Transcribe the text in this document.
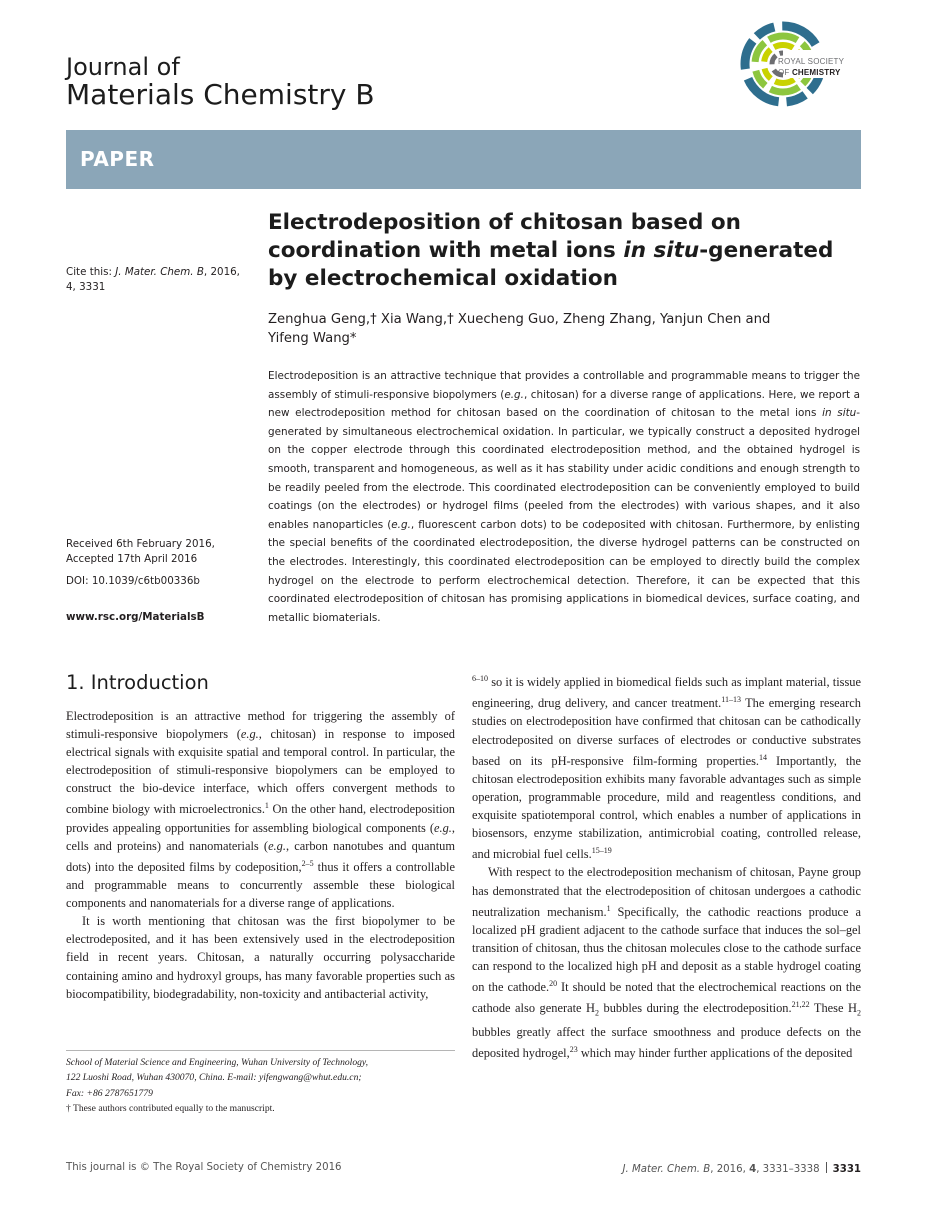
Journal of
Materials Chemistry B
ROYAL SOCIETY
OF CHEMISTRY
PAPER
Cite this: J. Mater. Chem. B, 2016,
4, 3331
Received 6th February 2016,
Accepted 17th April 2016
DOI: 10.1039/c6tb00336b
www.rsc.org/MaterialsB
Electrodeposition of chitosan based on coordination with metal ions in situ-generated by electrochemical oxidation
Zenghua Geng,† Xia Wang,† Xuecheng Guo, Zheng Zhang, Yanjun Chen and
Yifeng Wang*
Electrodeposition is an attractive technique that provides a controllable and programmable means to trigger the assembly of stimuli-responsive biopolymers (e.g., chitosan) for a diverse range of applications. Here, we report a new electrodeposition method for chitosan based on the coordination of chitosan to the metal ions in situ-generated by simultaneous electrochemical oxidation. In particular, we typically construct a deposited hydrogel on the copper electrode through this coordinated electrodeposition method, and the obtained hydrogel is smooth, transparent and homogeneous, as well as it has stability under acidic conditions and enough strength to be readily peeled from the electrode. This coordinated electrodeposition can be conveniently employed to build coatings (on the electrodes) or hydrogel films (peeled from the electrodes) with various shapes, and it also enables nanoparticles (e.g., fluorescent carbon dots) to be codeposited with chitosan. Furthermore, by enlisting the special benefits of the coordinated electrodeposition, the diverse hydrogel patterns can be constructed on the electrodes. Interestingly, this coordinated electrodeposition can be employed to directly build the complex hydrogel on the electrode to perform electrochemical detection. Therefore, it can be expected that this coordinated electrodeposition of chitosan has promising applications in biomedical devices, surface coating, and metallic biomaterials.
1. Introduction

Electrodeposition is an attractive method for triggering the assembly of stimuli-responsive biopolymers (e.g., chitosan) in response to imposed electrical signals with exquisite spatial and temporal control. In particular, the electrodeposition of stimuli-responsive biopolymers can be employed to construct the bio-device interface, which offers convergent methods to combine biology with microelectronics.$^1$ On the other hand, electrodeposition provides appealing opportunities for assembling biological components (e.g., cells and proteins) and nanomaterials (e.g., carbon nanotubes and quantum dots) into the deposited films by codeposition,$^{2-5}$ thus it offers a controllable and programmable means to concurrently assemble these biological components and nanomaterials for a diverse range of applications.

It is worth mentioning that chitosan was the first biopolymer to be electrodeposited, and it has been extensively used in the electrodeposition field in recent years. Chitosan, a naturally occurring polysaccharide containing amino and hydroxyl groups, has many favorable properties such as biocompatibility, biodegradability, non-toxicity and antibacterial activity,

$^{6-10}$ so it is widely applied in biomedical fields such as implant material, tissue engineering, drug delivery, and cancer treatment.$^{11-13}$ The emerging research studies on electrodeposition have confirmed that chitosan can be cathodically electrodeposited on diverse surfaces of electrodes or conductive substrates based on its pH-responsive film-forming properties.$^{14}$ Importantly, the chitosan electrodeposition exhibits many favorable advantages such as simple operation, programmable procedure, mild and reagentless conditions, and exquisite spatiotemporal control, which enables a number of applications in biosensors, enzyme stabilization, antimicrobial coating, controlled release, and microbial fuel cells.$^{15-19}$

With respect to the electrodeposition mechanism of chitosan, Payne group has demonstrated that the electrodeposition of chitosan undergoes a cathodic neutralization mechanism.$^1$ Specifically, the cathodic reactions produce a localized pH gradient adjacent to the cathode surface that induces the sol–gel transition of chitosan, thus the chitosan molecules close to the cathode surface can respond to the localized high pH and deposit as a stable hydrogel coating on the cathode.$^{20}$ It should be noted that the electrochemical reactions on the cathode also generate $H_2$ bubbles during the electrodeposition.$^{21,22}$ These $H_2$ bubbles greatly affect the surface smoothness and produce defects on the deposited hydrogel,$^{23}$ which may hinder further applications of the deposited

School of Material Science and Engineering, Wuhan University of Technology,
122 Luoshi Road, Wuhan 430070, China. E-mail: yifengwang@whut.edu.cn;
Fax: +86 2787651779
† These authors contributed equally to the manuscript.
This journal is © The Royal Society of Chemistry 2016	J. Mater. Chem. B, 2016, 4, 3331–3338 3331
